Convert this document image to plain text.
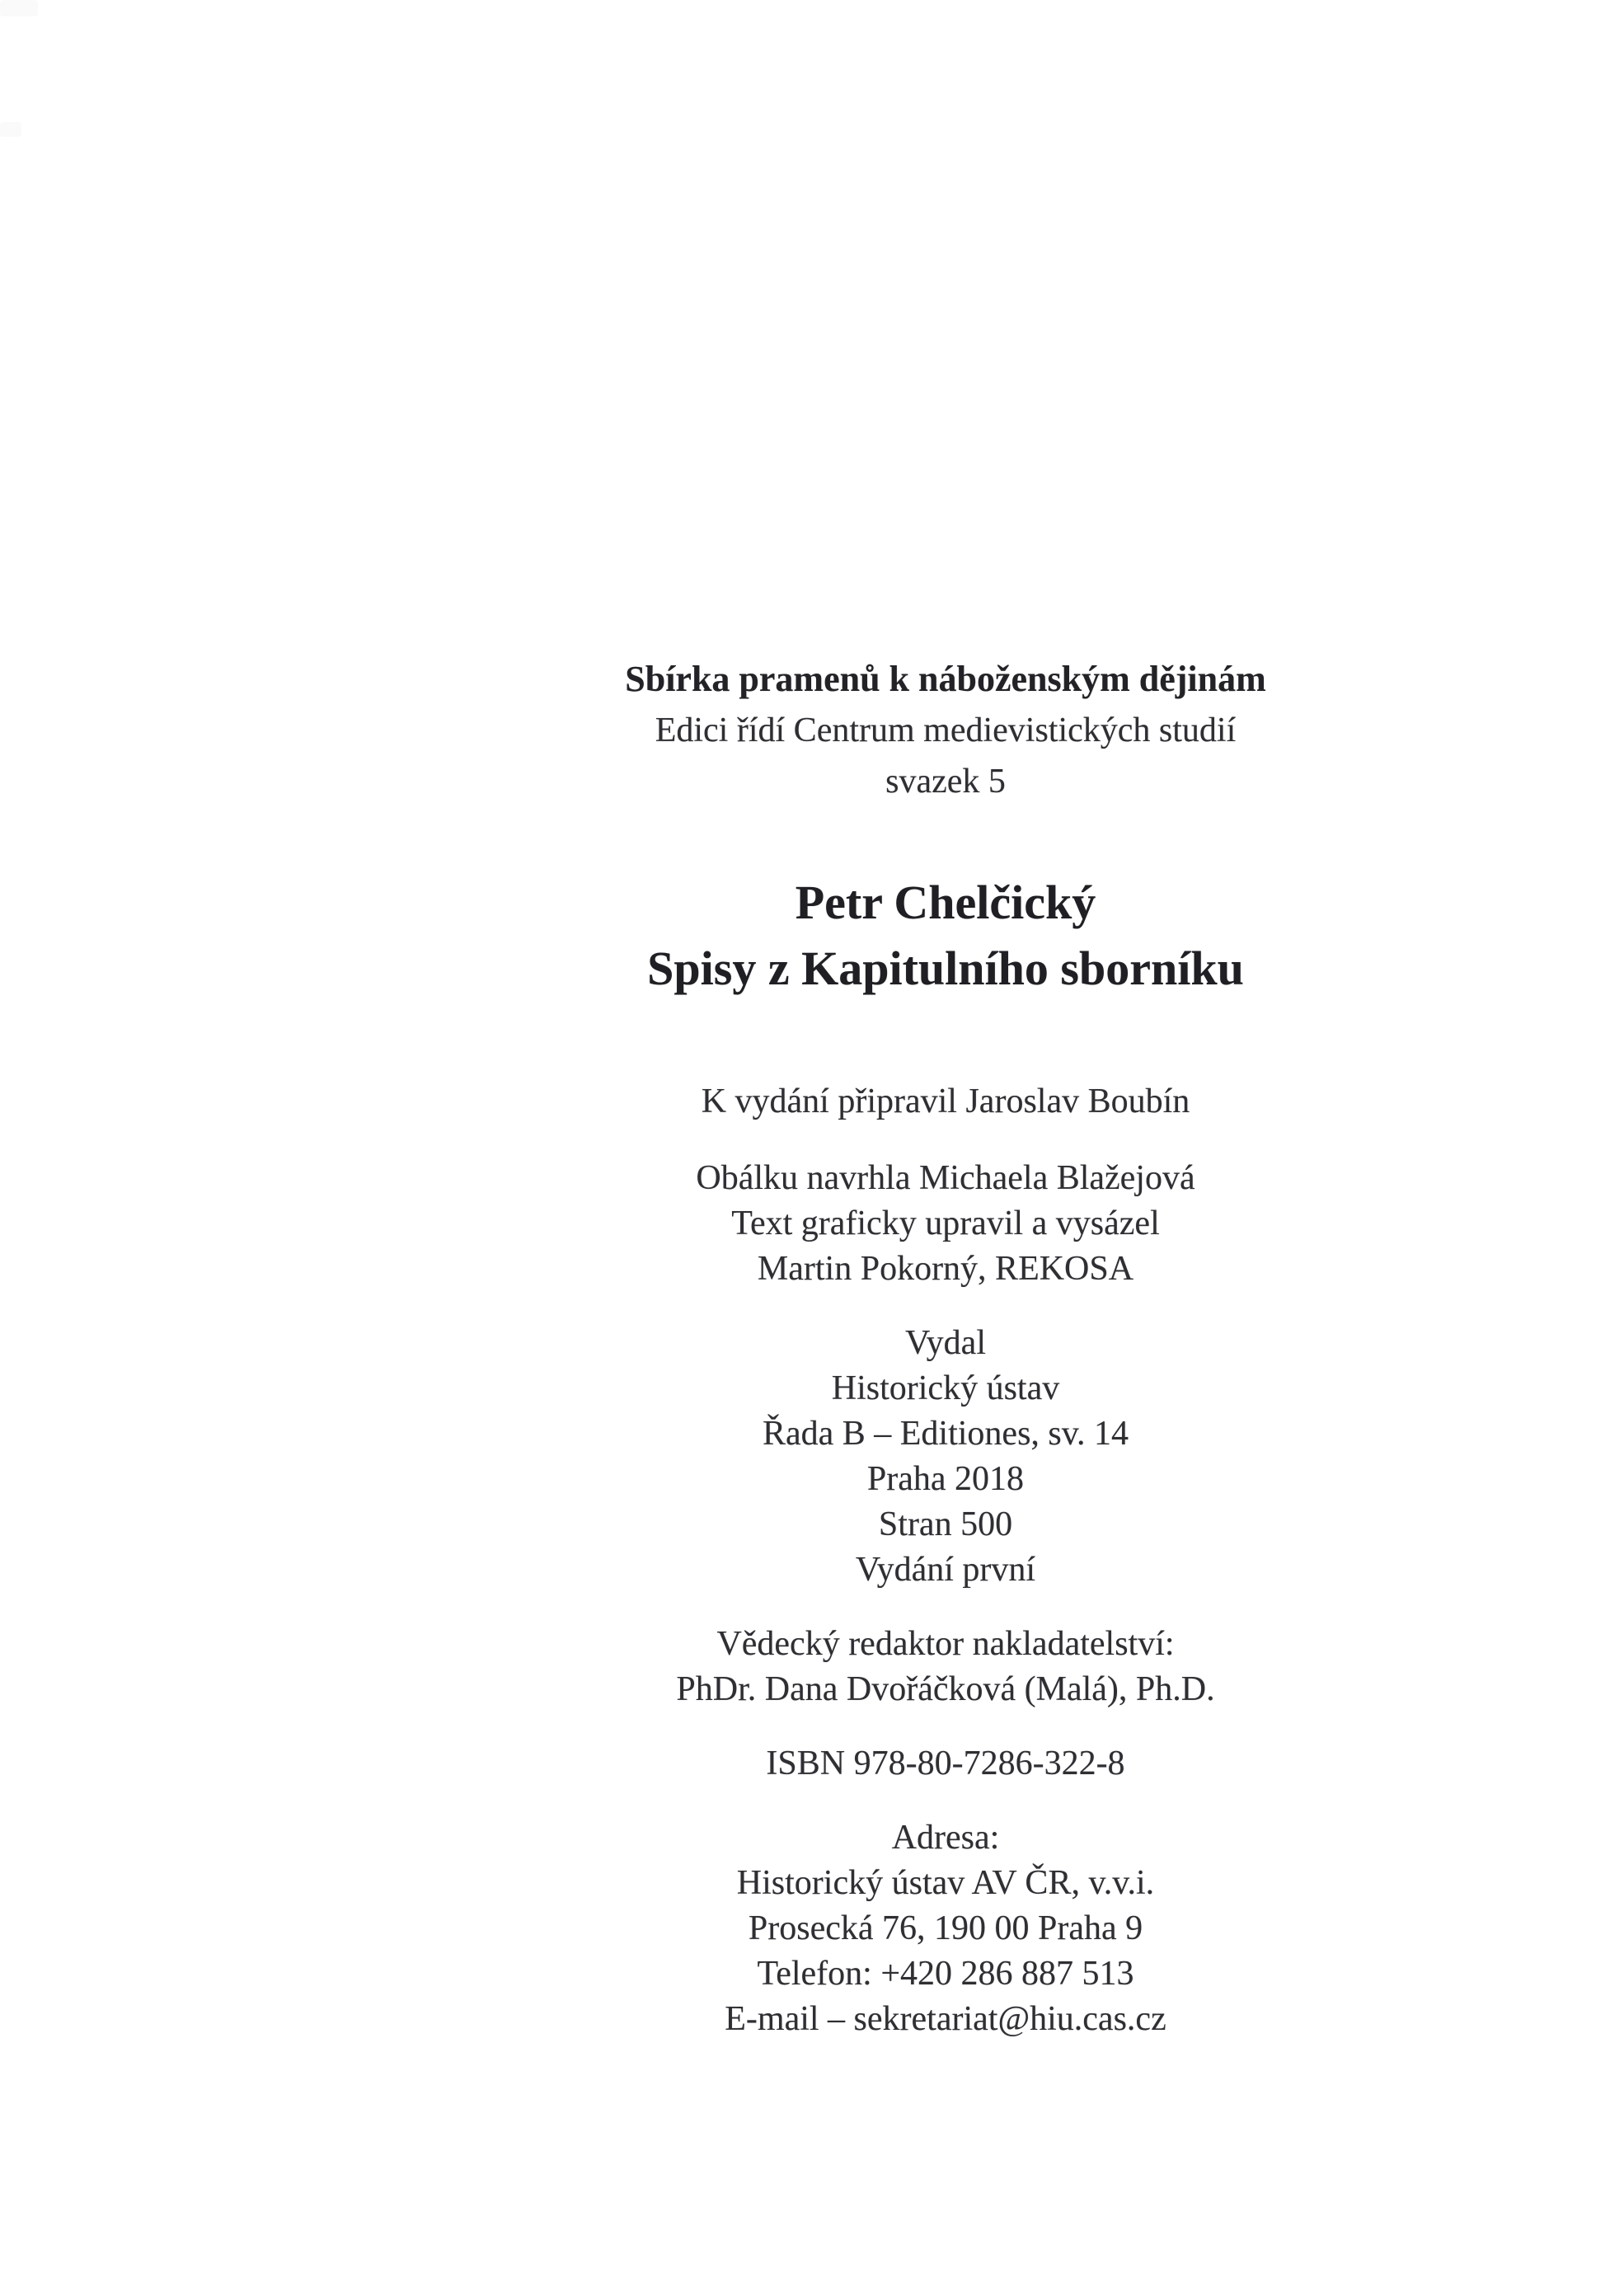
Sbírka pramenů k náboženským dějinám
Edici řídí Centrum medievistických studií
svazek 5
Petr Chelčický
Spisy z Kapitulního sborníku
K vydání připravil Jaroslav Boubín
Obálku navrhla Michaela Blažejová
Text graficky upravil a vysázel
Martin Pokorný, REKOSA
Vydal
Historický ústav
Řada B – Editiones, sv. 14
Praha 2018
Stran 500
Vydání první
Vědecký redaktor nakladatelství:
PhDr. Dana Dvořáčková (Malá), Ph.D.
ISBN 978-80-7286-322-8
Adresa:
Historický ústav AV ČR, v.v.i.
Prosecká 76, 190 00 Praha 9
Telefon: +420 286 887 513
E-mail – sekretariat@hiu.cas.cz
